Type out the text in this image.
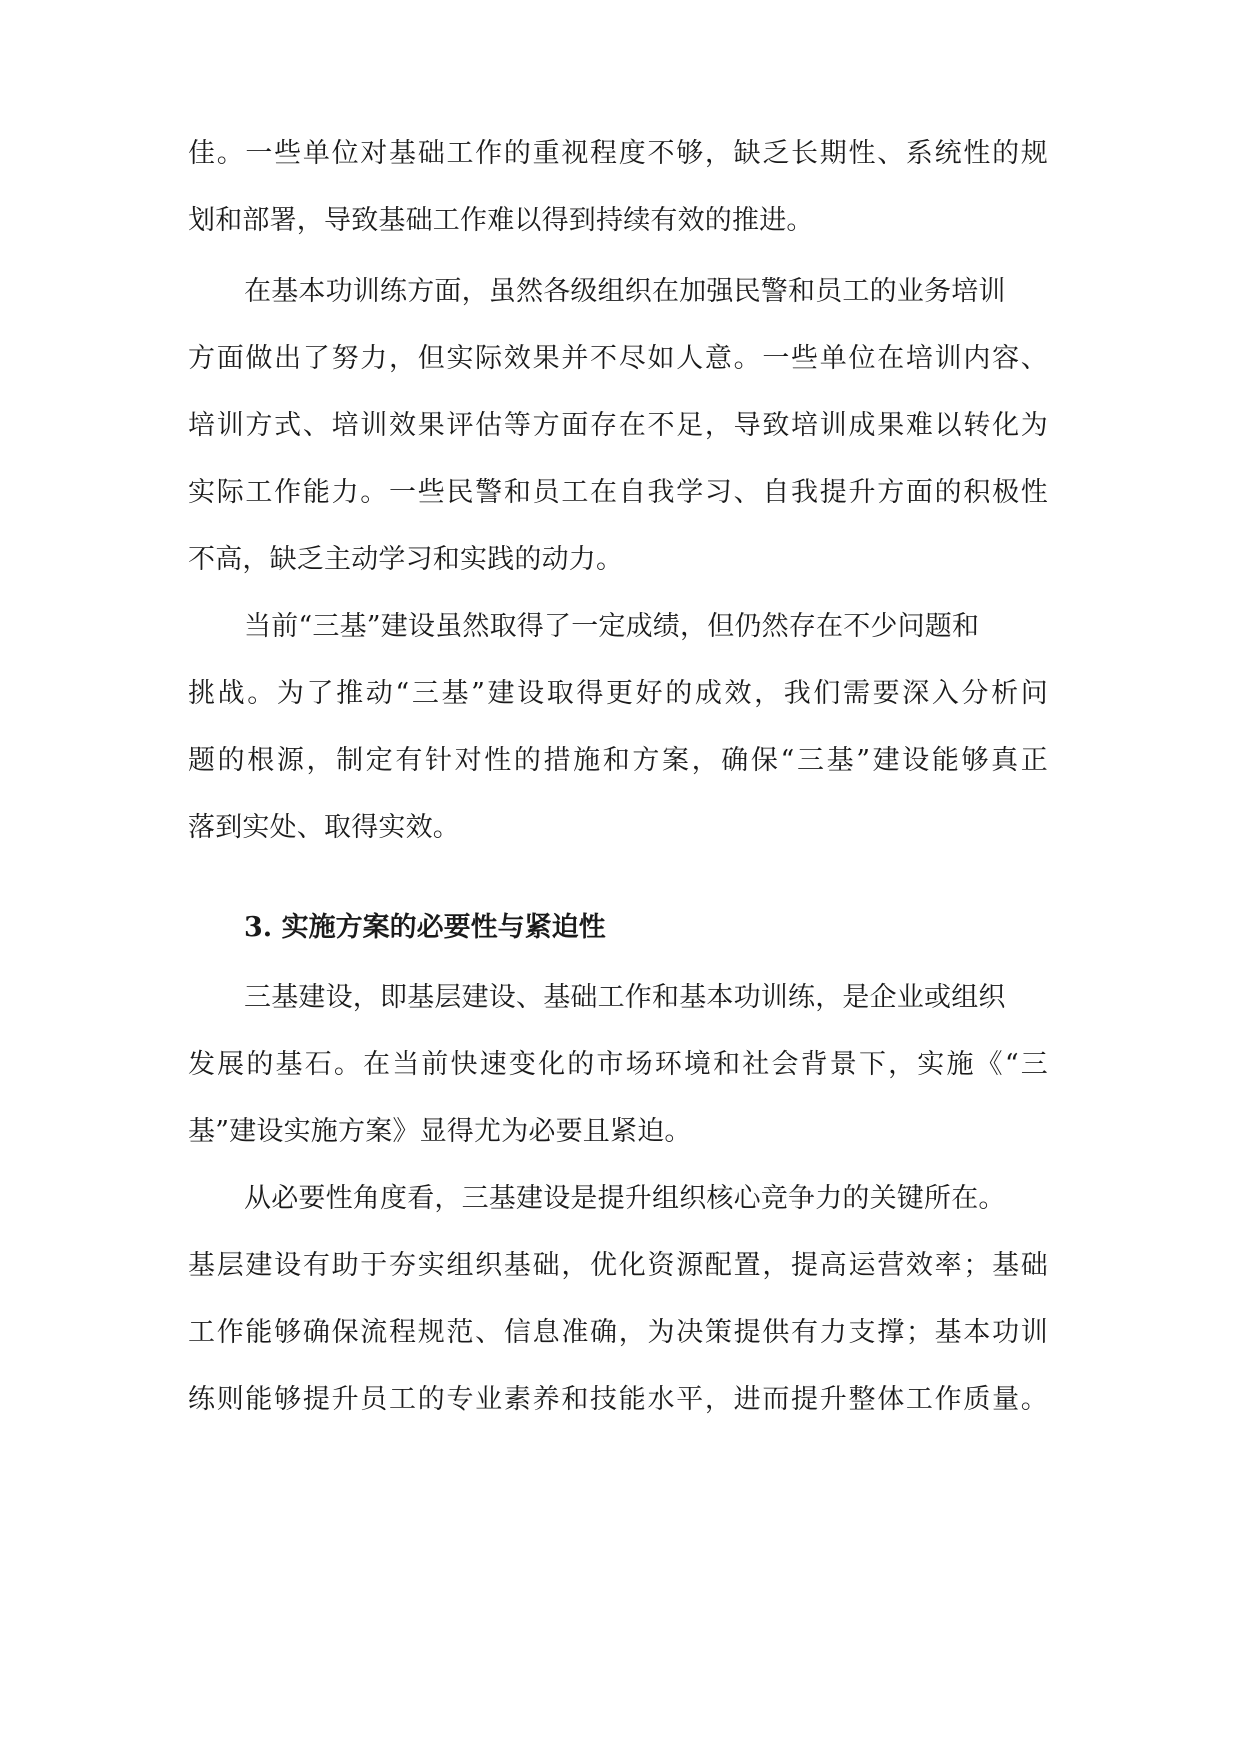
佳。一些单位对基础工作的重视程度不够，缺乏长期性、系统性的规
划和部署，导致基础工作难以得到持续有效的推进。
在基本功训练方面，虽然各级组织在加强民警和员工的业务培训
方面做出了努力，但实际效果并不尽如人意。一些单位在培训内容、
培训方式、培训效果评估等方面存在不足，导致培训成果难以转化为
实际工作能力。一些民警和员工在自我学习、自我提升方面的积极性
不高，缺乏主动学习和实践的动力。
当前“三基”建设虽然取得了一定成绩，但仍然存在不少问题和
挑战。为了推动“三基”建设取得更好的成效，我们需要深入分析问
题的根源，制定有针对性的措施和方案，确保“三基”建设能够真正
落到实处、取得实效。
3. 实施方案的必要性与紧迫性
三基建设，即基层建设、基础工作和基本功训练，是企业或组织
发展的基石。在当前快速变化的市场环境和社会背景下，实施《“三
基”建设实施方案》显得尤为必要且紧迫。
从必要性角度看，三基建设是提升组织核心竞争力的关键所在。
基层建设有助于夯实组织基础，优化资源配置，提高运营效率；基础
工作能够确保流程规范、信息准确，为决策提供有力支撑；基本功训
练则能够提升员工的专业素养和技能水平，进而提升整体工作质量。
